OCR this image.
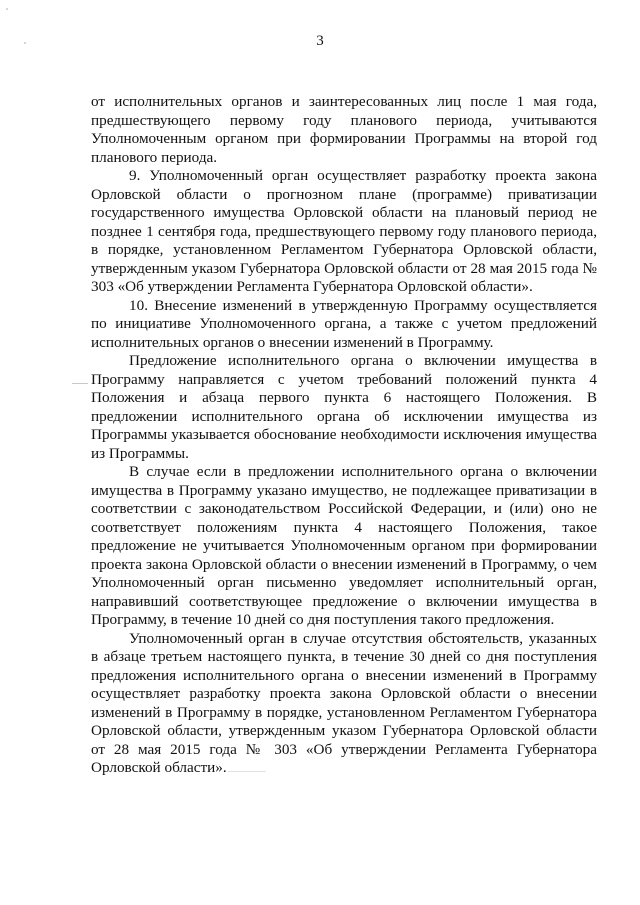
3

от исполнительных органов и заинтересованных лиц после 1 мая года, предшествующего первому году планового периода, учитываются Уполномоченным органом при формировании Программы на второй год планового периода.

9. Уполномоченный орган осуществляет разработку проекта закона Орловской области о прогнозном плане (программе) приватизации государственного имущества Орловской области на плановый период не позднее 1 сентября года, предшествующего первому году планового периода, в порядке, установленном Регламентом Губернатора Орловской области, утвержденным указом Губернатора Орловской области от 28 мая 2015 года № 303 «Об утверждении Регламента Губернатора Орловской области».

10. Внесение изменений в утвержденную Программу осуществляется по инициативе Уполномоченного органа, а также с учетом предложений исполнительных органов о внесении изменений в Программу.

Предложение исполнительного органа о включении имущества в Программу направляется с учетом требований положений пункта 4 Положения и абзаца первого пункта 6 настоящего Положения. В предложении исполнительного органа об исключении имущества из Программы указывается обоснование необходимости исключения имущества из Программы.

В случае если в предложении исполнительного органа о включении имущества в Программу указано имущество, не подлежащее приватизации в соответствии с законодательством Российской Федерации, и (или) оно не соответствует положениям пункта 4 настоящего Положения, такое предложение не учитывается Уполномоченным органом при формировании проекта закона Орловской области о внесении изменений в Программу, о чем Уполномоченный орган письменно уведомляет исполнительный орган, направивший соответствующее предложение о включении имущества в Программу, в течение 10 дней со дня поступления такого предложения.

Уполномоченный орган в случае отсутствия обстоятельств, указанных в абзаце третьем настоящего пункта, в течение 30 дней со дня поступления предложения исполнительного органа о внесении изменений в Программу осуществляет разработку проекта закона Орловской области о внесении изменений в Программу в порядке, установленном Регламентом Губернатора Орловской области, утвержденным указом Губернатора Орловской области от 28 мая 2015 года № 303 «Об утверждении Регламента Губернатора Орловской области».
